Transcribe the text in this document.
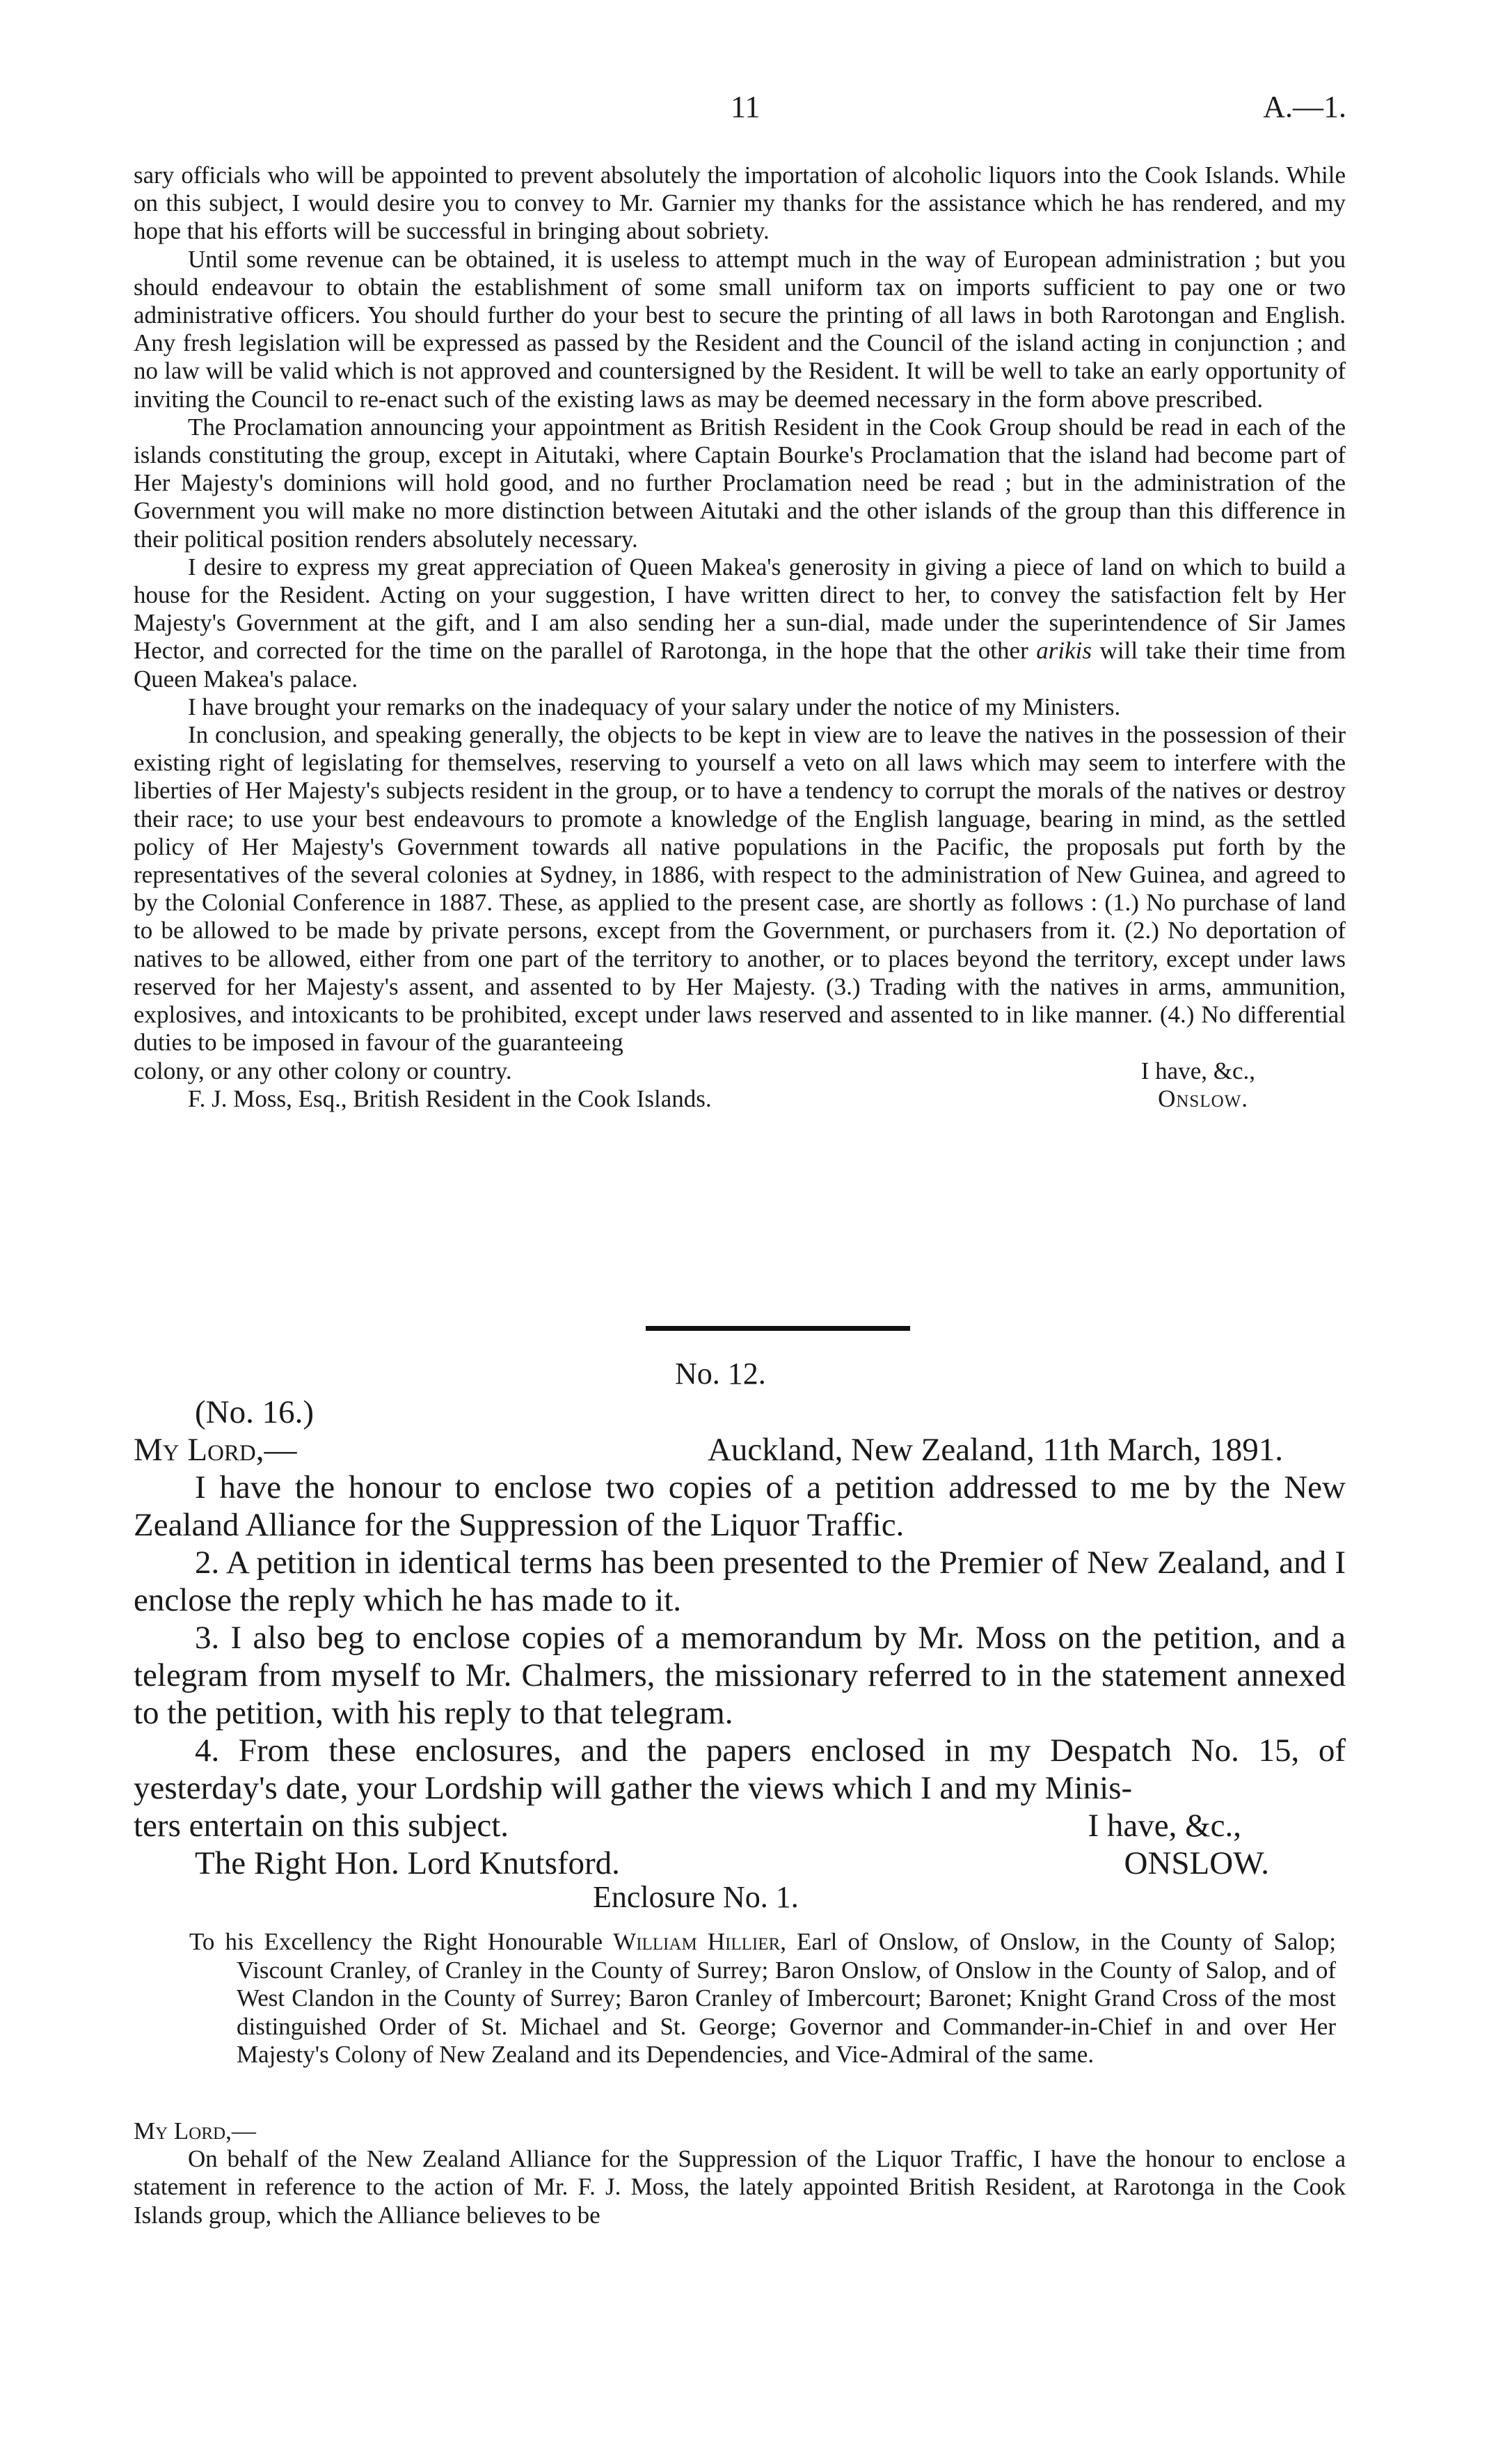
11	A.—1.

sary officials who will be appointed to prevent absolutely the importation of alcoholic liquors into the Cook Islands. While on this subject, I would desire you to convey to Mr. Garnier my thanks for the assistance which he has rendered, and my hope that his efforts will be successful in bringing about sobriety.

Until some revenue can be obtained, it is useless to attempt much in the way of European administration ; but you should endeavour to obtain the establishment of some small uniform tax on imports sufficient to pay one or two administrative officers. You should further do your best to secure the printing of all laws in both Rarotongan and English. Any fresh legislation will be expressed as passed by the Resident and the Council of the island acting in conjunction ; and no law will be valid which is not approved and countersigned by the Resident. It will be well to take an early opportunity of inviting the Council to re-enact such of the existing laws as may be deemed necessary in the form above prescribed.

The Proclamation announcing your appointment as British Resident in the Cook Group should be read in each of the islands constituting the group, except in Aitutaki, where Captain Bourke's Proclamation that the island had become part of Her Majesty's dominions will hold good, and no further Proclamation need be read ; but in the administration of the Government you will make no more distinction between Aitutaki and the other islands of the group than this difference in their political position renders absolutely necessary.

I desire to express my great appreciation of Queen Makea's generosity in giving a piece of land on which to build a house for the Resident. Acting on your suggestion, I have written direct to her, to convey the satisfaction felt by Her Majesty's Government at the gift, and I am also sending her a sun-dial, made under the superintendence of Sir James Hector, and corrected for the time on the parallel of Rarotonga, in the hope that the other arikis will take their time from Queen Makea's palace.

I have brought your remarks on the inadequacy of your salary under the notice of my Ministers.

In conclusion, and speaking generally, the objects to be kept in view are to leave the natives in the possession of their existing right of legislating for themselves, reserving to yourself a veto on all laws which may seem to interfere with the liberties of Her Majesty's subjects resident in the group, or to have a tendency to corrupt the morals of the natives or destroy their race; to use your best endeavours to promote a knowledge of the English language, bearing in mind, as the settled policy of Her Majesty's Government towards all native populations in the Pacific, the proposals put forth by the representatives of the several colonies at Sydney, in 1886, with respect to the administration of New Guinea, and agreed to by the Colonial Conference in 1887. These, as applied to the present case, are shortly as follows : (1.) No purchase of land to be allowed to be made by private persons, except from the Government, or purchasers from it. (2.) No deportation of natives to be allowed, either from one part of the territory to another, or to places beyond the territory, except under laws reserved for her Majesty's assent, and assented to by Her Majesty. (3.) Trading with the natives in arms, ammunition, explosives, and intoxicants to be prohibited, except under laws reserved and assented to in like manner. (4.) No differential duties to be imposed in favour of the guaranteeing

colony, or any other colony or country.	I have, &c.,

F. J. Moss, Esq., British Resident in the Cook Islands.	Onslow.
No. 12.
(No. 16.)
My Lord,—	Auckland, New Zealand, 11th March, 1891.

I have the honour to enclose two copies of a petition addressed to me by the New Zealand Alliance for the Suppression of the Liquor Traffic.

2. A petition in identical terms has been presented to the Premier of New Zealand, and I enclose the reply which he has made to it.

3. I also beg to enclose copies of a memorandum by Mr. Moss on the petition, and a telegram from myself to Mr. Chalmers, the missionary referred to in the statement annexed to the petition, with his reply to that telegram.

4. From these enclosures, and the papers enclosed in my Despatch No. 15, of yesterday's date, your Lordship will gather the views which I and my Minis-

ters entertain on this subject.	I have, &c.,
The Right Hon. Lord Knutsford.	ONSLOW.
Enclosure No. 1.
To his Excellency the Right Honourable William Hillier, Earl of Onslow, of Onslow, in the County of Salop; Viscount Cranley, of Cranley in the County of Surrey; Baron Onslow, of Onslow in the County of Salop, and of West Clandon in the County of Surrey; Baron Cranley of Imbercourt; Baronet; Knight Grand Cross of the most distinguished Order of St. Michael and St. George; Governor and Commander-in-Chief in and over Her Majesty's Colony of New Zealand and its Dependencies, and Vice-Admiral of the same.

My Lord,—

On behalf of the New Zealand Alliance for the Suppression of the Liquor Traffic, I have the honour to enclose a statement in reference to the action of Mr. F. J. Moss, the lately appointed British Resident, at Rarotonga in the Cook Islands group, which the Alliance believes to be
